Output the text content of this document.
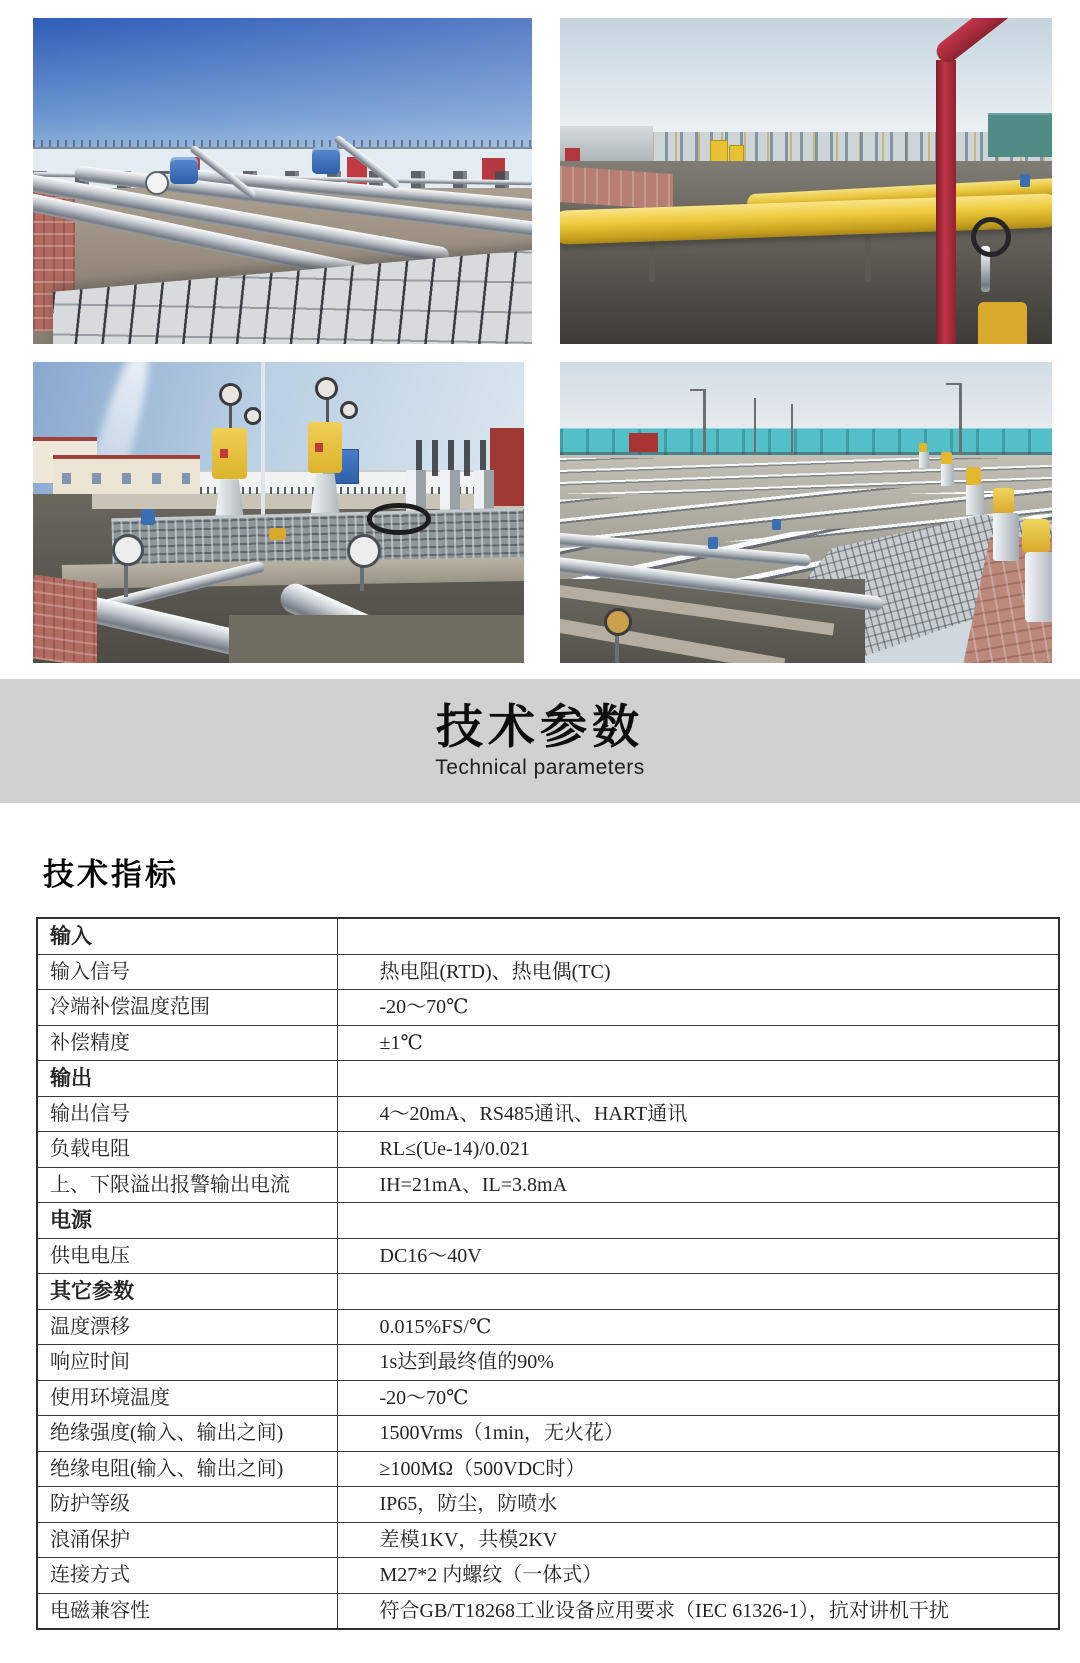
技术参数
Technical parameters
技术指标
输入	
输入信号	热电阻(RTD)、热电偶(TC)
冷端补偿温度范围	-20～70℃
补偿精度	±1℃
输出	
输出信号	4～20mA、RS485通讯、HART通讯
负载电阻	RL≤(Ue-14)/0.021
上、下限溢出报警输出电流	IH=21mA、IL=3.8mA
电源	
供电电压	DC16～40V
其它参数	
温度漂移	0.015%FS/℃
响应时间	1s达到最终值的90%
使用环境温度	-20～70℃
绝缘强度(输入、输出之间)	1500Vrms（1min，无火花）
绝缘电阻(输入、输出之间)	≥100MΩ（500VDC时）
防护等级	IP65，防尘，防喷水
浪涌保护	差模1KV，共模2KV
连接方式	M27*2 内螺纹（一体式）
电磁兼容性	符合GB/T18268工业设备应用要求（IEC 61326-1），抗对讲机干扰
